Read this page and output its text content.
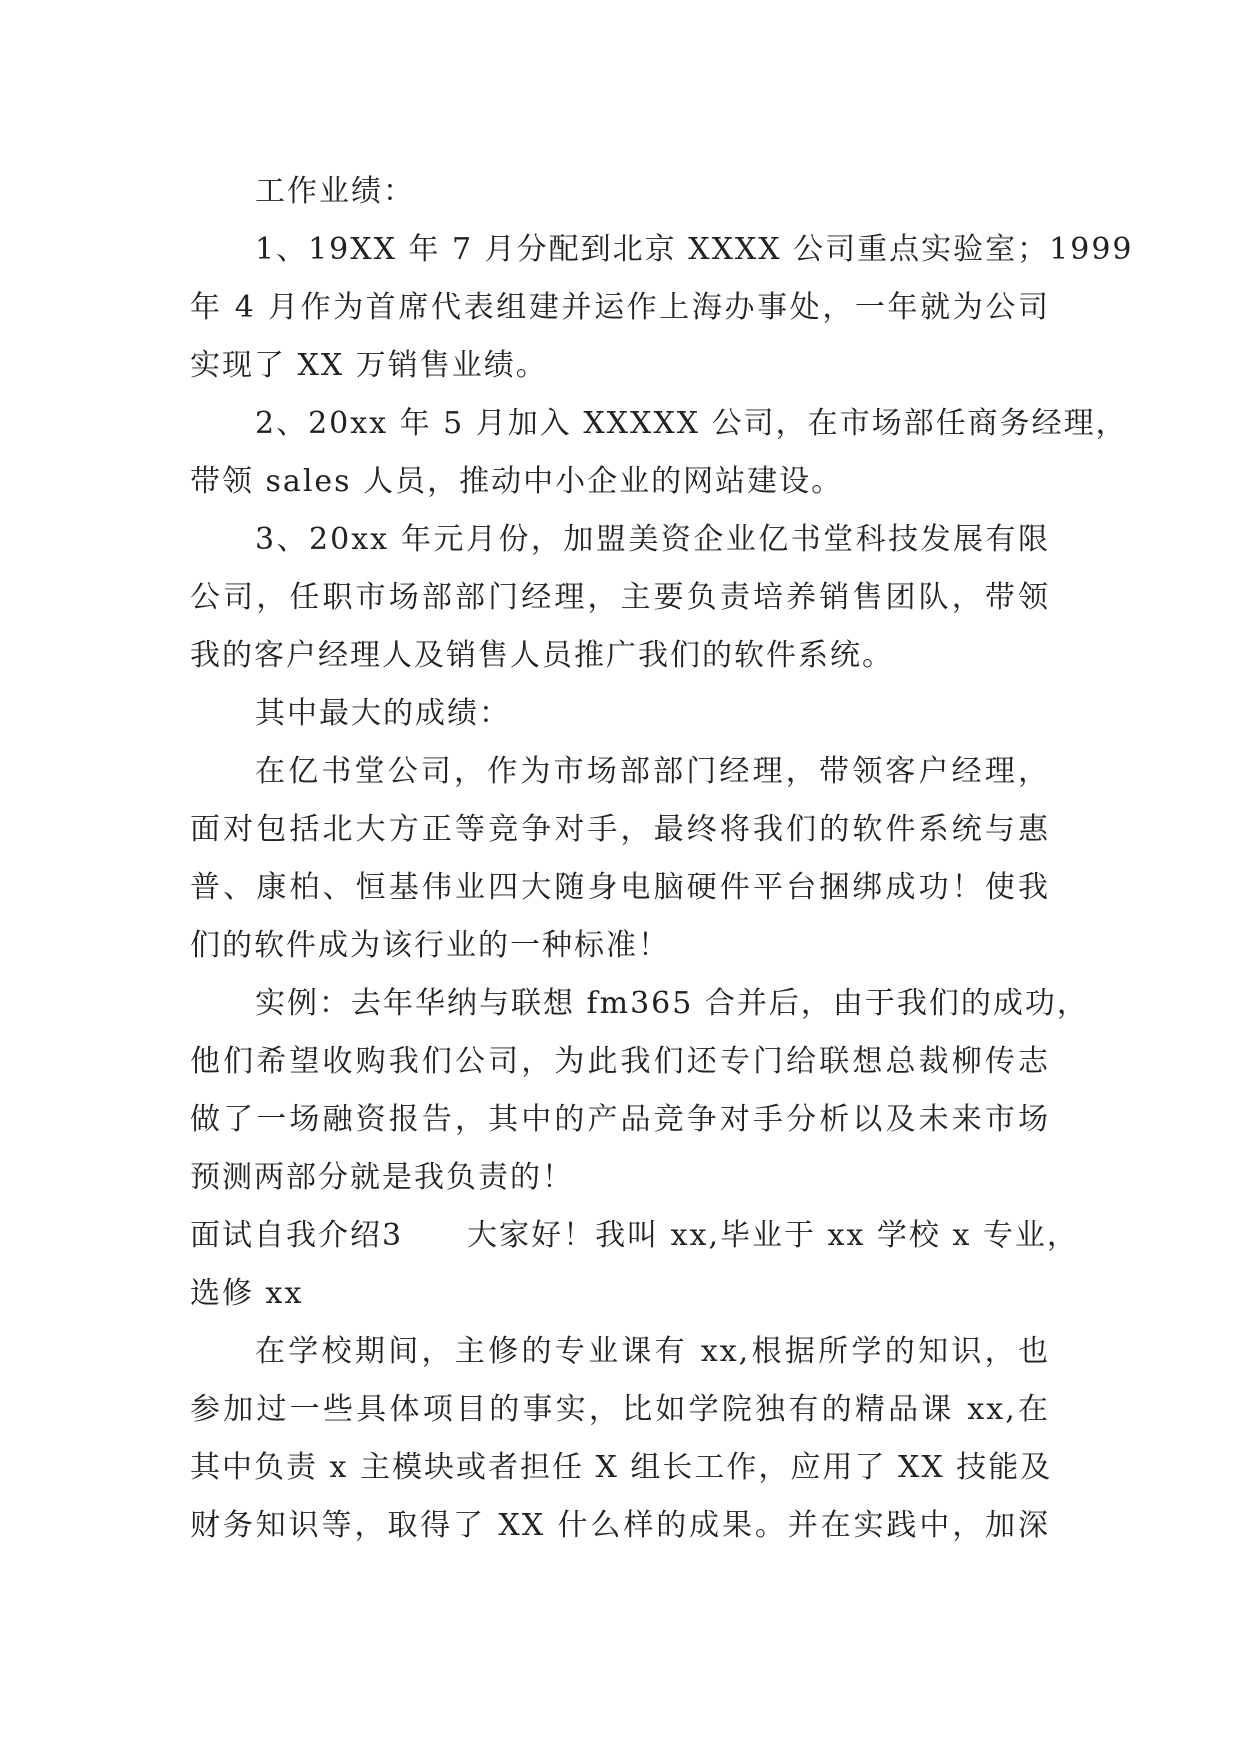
工作业绩：
1、19XX 年 7 月分配到北京 XXXX 公司重点实验室；1999
年 4 月作为首席代表组建并运作上海办事处，一年就为公司
实现了 XX 万销售业绩。
2、20xx 年 5 月加入 XXXXX 公司，在市场部任商务经理，
带领 sales 人员，推动中小企业的网站建设。
3、20xx 年元月份，加盟美资企业亿书堂科技发展有限
公司，任职市场部部门经理，主要负责培养销售团队，带领
我的客户经理人及销售人员推广我们的软件系统。
其中最大的成绩：
在亿书堂公司，作为市场部部门经理，带领客户经理，
面对包括北大方正等竞争对手，最终将我们的软件系统与惠
普、康柏、恒基伟业四大随身电脑硬件平台捆绑成功！使我
们的软件成为该行业的一种标准！
实例：去年华纳与联想 fm365 合并后，由于我们的成功，
他们希望收购我们公司，为此我们还专门给联想总裁柳传志
做了一场融资报告，其中的产品竞争对手分析以及未来市场
预测两部分就是我负责的！
面试自我介绍3　　大家好！我叫 xx,毕业于 xx 学校 x 专业，
选修 xx
在学校期间，主修的专业课有 xx,根据所学的知识，也
参加过一些具体项目的事实，比如学院独有的精品课 xx,在
其中负责 x 主模块或者担任 X 组长工作，应用了 XX 技能及
财务知识等，取得了 XX 什么样的成果。并在实践中，加深
